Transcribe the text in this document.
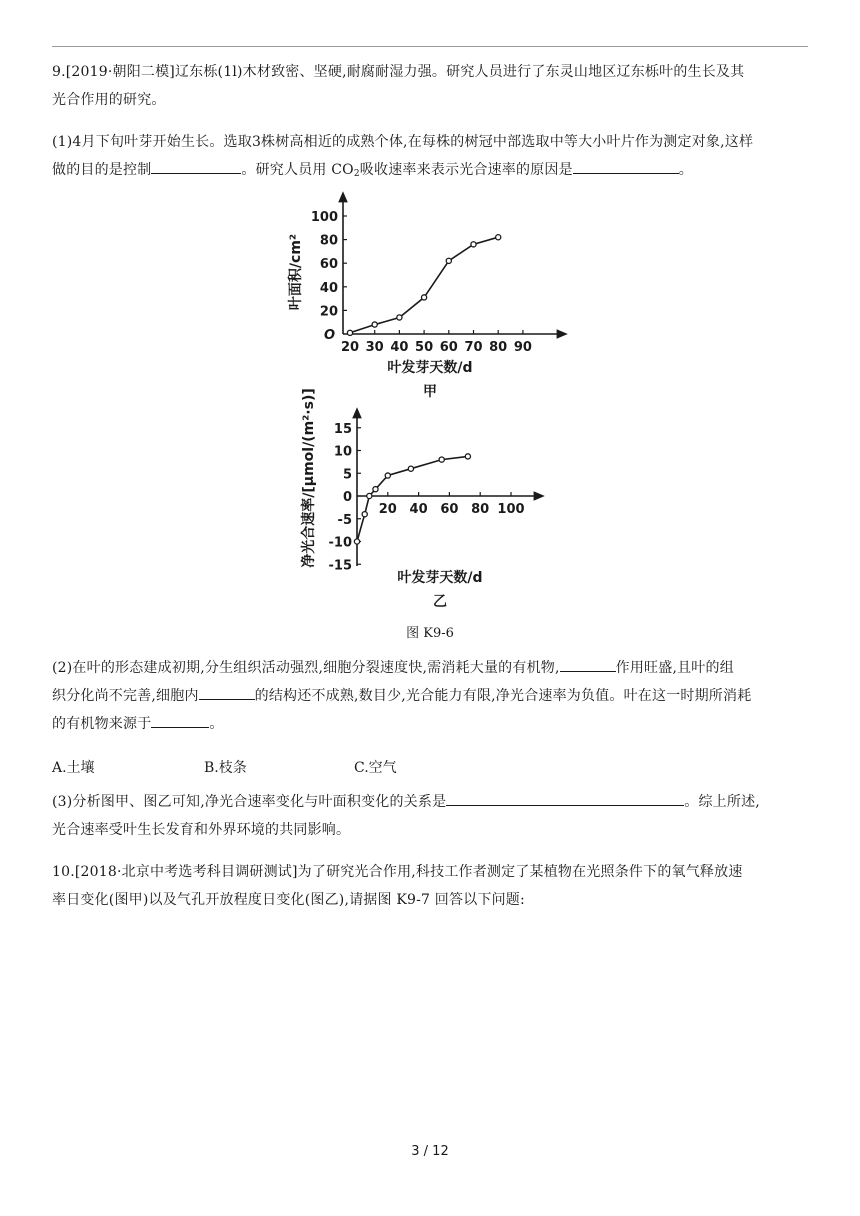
9.[2019·朝阳二模]辽东栎(1l)木材致密、坚硬,耐腐耐湿力强。研究人员进行了东灵山地区辽东栎叶的生长及其
光合作用的研究。
(1)4月下旬叶芽开始生长。选取3株树高相近的成熟个体,在每株的树冠中部选取中等大小叶片作为测定对象,这样
做的目的是控制	。研究人员用 $CO_2$吸收速率来表示光合速率的原因是	。
20 30 40 50 60 70 80 90
20
40
60
80
100
叶面积/cm²
O
叶发芽天数/d
甲
20 40 60 80 100
-15
-10
-5
0
5
10
15
净光合速率/[μmol/(m²·s)]
叶发芽天数/d
乙
图 K9-6
(2)在叶的形态建成初期,分生组织活动强烈,细胞分裂速度快,需消耗大量的有机物,	作用旺盛,且叶的组
织分化尚不完善,细胞内	的结构还不成熟,数目少,光合能力有限,净光合速率为负值。叶在这一时期所消耗
的有机物来源于	。
A.土壤	B.枝条	C.空气
(3)分析图甲、图乙可知,净光合速率变化与叶面积变化的关系是	。综上所述,
光合速率受叶生长发育和外界环境的共同影响。
10.[2018·北京中考选考科目调研测试]为了研究光合作用,科技工作者测定了某植物在光照条件下的氧气释放速
率日变化(图甲)以及气孔开放程度日变化(图乙),请据图 K9-7 回答以下问题:
3 / 12
